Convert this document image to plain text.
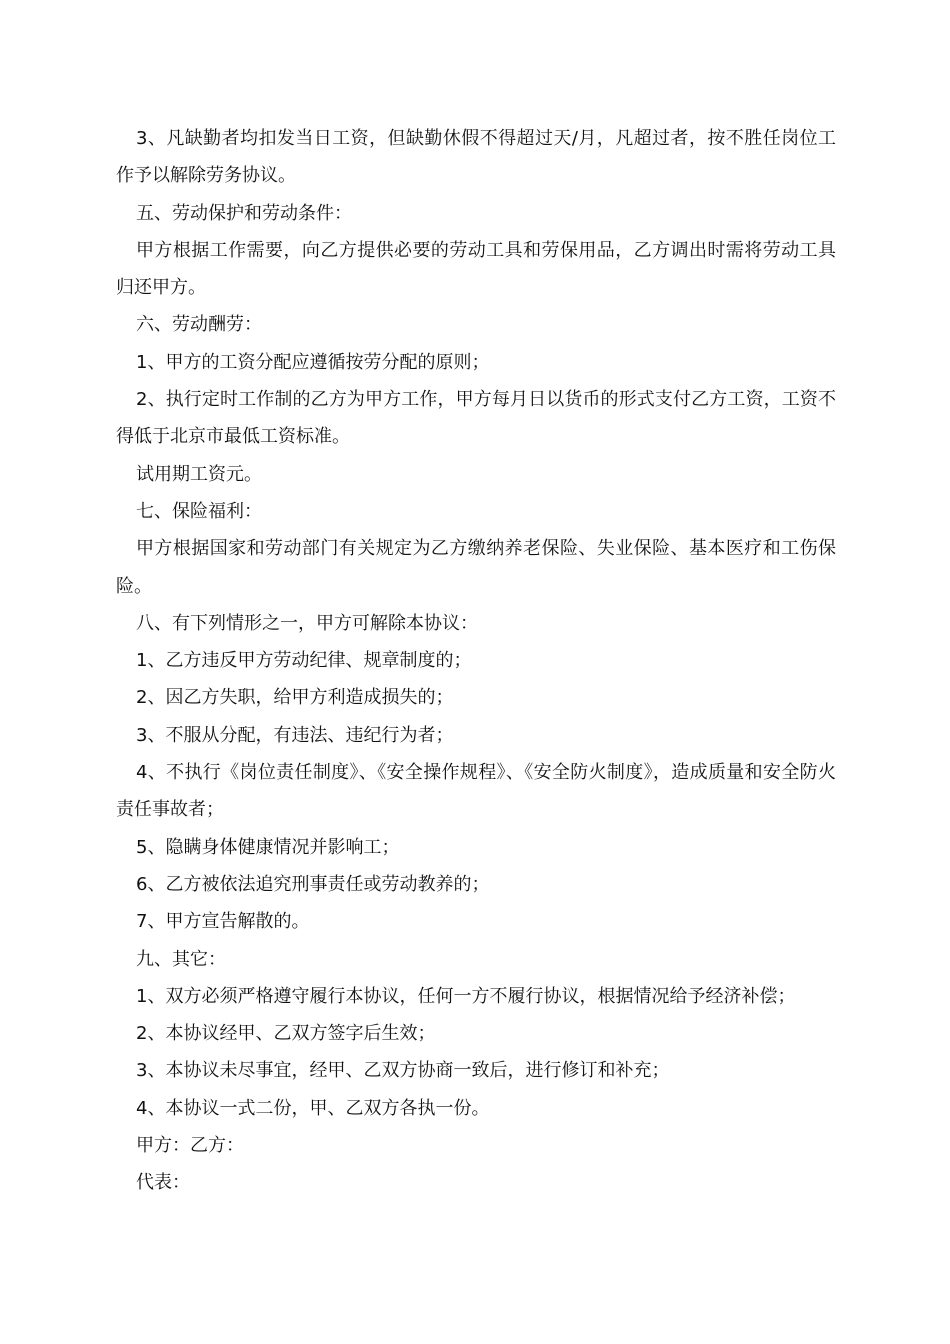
3、凡缺勤者均扣发当日工资，但缺勤休假不得超过天/月，凡超过者，按不胜任岗位工作予以解除劳务协议。

五、劳动保护和劳动条件：

甲方根据工作需要，向乙方提供必要的劳动工具和劳保用品，乙方调出时需将劳动工具归还甲方。

六、劳动酬劳：

1、甲方的工资分配应遵循按劳分配的原则；

2、执行定时工作制的乙方为甲方工作，甲方每月日以货币的形式支付乙方工资，工资不得低于北京市最低工资标准。

试用期工资元。

七、保险福利：

甲方根据国家和劳动部门有关规定为乙方缴纳养老保险、失业保险、基本医疗和工伤保险。

八、有下列情形之一，甲方可解除本协议：

1、乙方违反甲方劳动纪律、规章制度的；

2、因乙方失职，给甲方利造成损失的；

3、不服从分配，有违法、违纪行为者；

4、不执行《岗位责任制度》、《安全操作规程》、《安全防火制度》，造成质量和安全防火责任事故者；

5、隐瞒身体健康情况并影响工；

6、乙方被依法追究刑事责任或劳动教养的；

7、甲方宣告解散的。

九、其它：

1、双方必须严格遵守履行本协议，任何一方不履行协议，根据情况给予经济补偿；

2、本协议经甲、乙双方签字后生效；

3、本协议未尽事宜，经甲、乙双方协商一致后，进行修订和补充；

4、本协议一式二份，甲、乙双方各执一份。

甲方：乙方：

代表：
